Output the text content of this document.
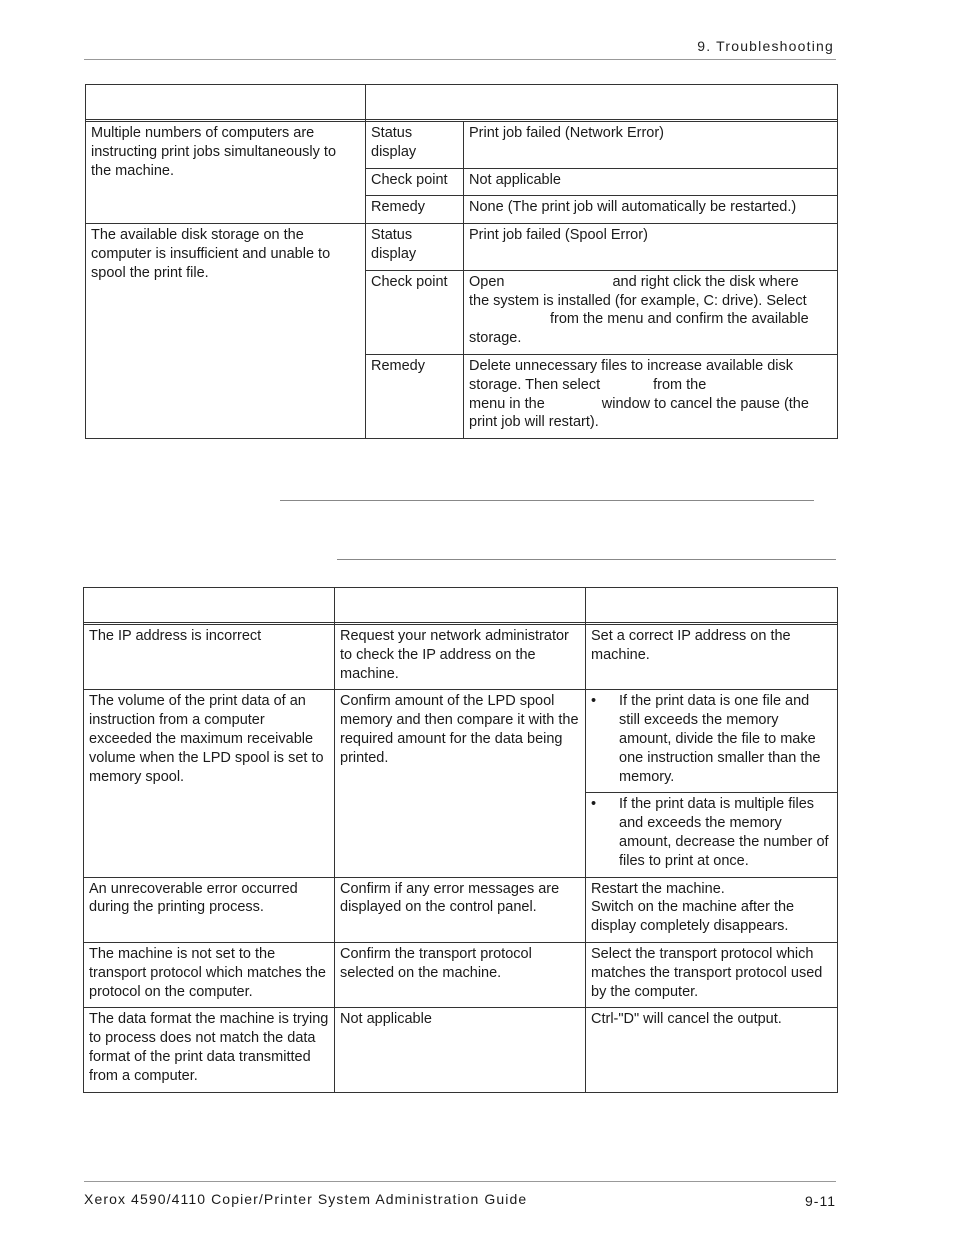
9. Troubleshooting

Multiple numbers of computers are instructing print jobs simultaneously to the machine.	Status display	Print job failed (Network Error)
	Check point	Not applicable
	Remedy	None (The print job will automatically be restarted.)
The available disk storage on the computer is insufficient and unable to spool the print file.	Status display	Print job failed (Spool Error)
	Check point	Open and right click the disk where
the system is installed (for example, C: drive). Select
from the menu and confirm the available
storage.

	Remedy	Delete unnecessary files to increase available disk
storage. Then select from the
menu in the window to cancel the pause (the
print job will restart).

The IP address is incorrect	Request your network administrator to check the IP address on the machine.	Set a correct IP address on the machine.
The volume of the print data of an instruction from a computer exceeded the maximum receivable volume when the LPD spool is set to memory spool.	Confirm amount of the LPD spool memory and then compare it with the required amount for the data being printed.	• If the print data is one file and still exceeds the memory amount, divide the file to make one instruction smaller than the memory.

		• If the print data is multiple files and exceeds the memory amount, decrease the number of files to print at once.

An unrecoverable error occurred during the printing process.	Confirm if any error messages are displayed on the control panel.	Restart the machine.
Switch on the machine after the display completely disappears.

The machine is not set to the transport protocol which matches the protocol on the computer.	Confirm the transport protocol selected on the machine.	Select the transport protocol which matches the transport protocol used by the computer.
The data format the machine is trying to process does not match the data format of the print data transmitted from a computer.	Not applicable	Ctrl-"D" will cancel the output.
Xerox 4590/4110 Copier/Printer System Administration Guide	9-11
